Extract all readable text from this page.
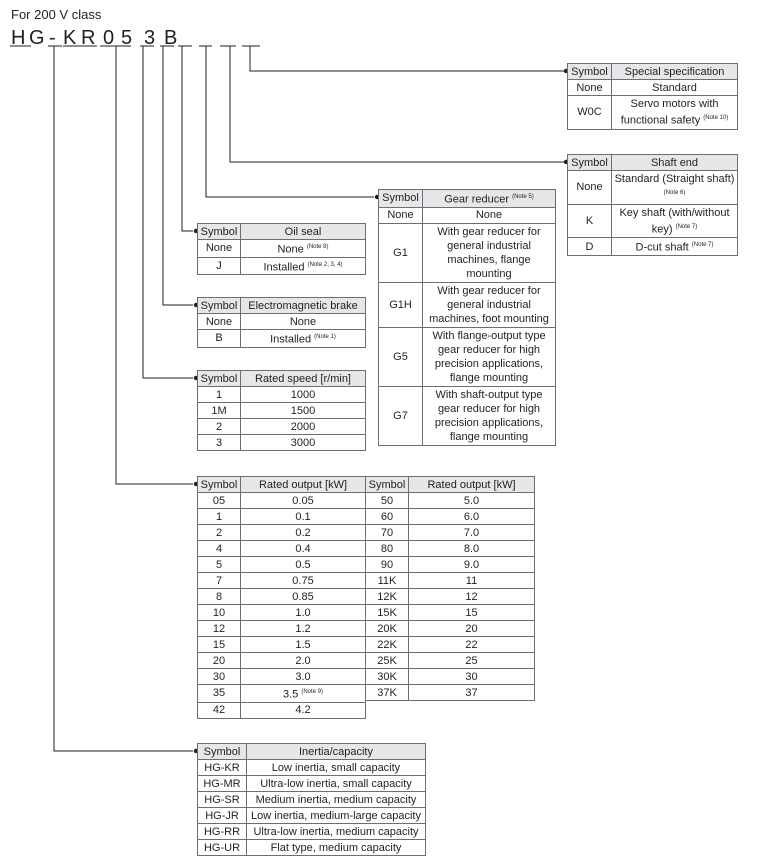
For 200 V class
H G - K R 0 5 3 B
Symbol	Special specification
None	Standard
W0C	Servo motors with functional safety $^{(Note 10)}$
Symbol	Shaft end
None	Standard (Straight shaft) $^{(Note 6)}$
K	Key shaft (with/without key) $^{(Note 7)}$
D	D-cut shaft $^{(Note 7)}$
Symbol	Gear reducer $^{(Note 5)}$
None	None
G1	With gear reducer for general industrial machines, flange mounting
G1H	With gear reducer for general industrial machines, foot mounting
G5	With flange-output type gear reducer for high precision applications, flange mounting
G7	With shaft-output type gear reducer for high precision applications, flange mounting
Symbol	Oil seal
None	None $^{(Note 8)}$
J	Installed $^{(Note 2, 3, 4)}$
Symbol	Electromagnetic brake
None	None
B	Installed $^{(Note 1)}$
Symbol	Rated speed [r/min]
1	1000
1M	1500
2	2000
3	3000
Symbol	Rated output [kW]
05	0.05
1	0.1
2	0.2
4	0.4
5	0.5
7	0.75
8	0.85
10	1.0
12	1.2
15	1.5
20	2.0
30	3.0
35	3.5 $^{(Note 9)}$
42	4.2
Symbol	Rated output [kW]
50	5.0
60	6.0
70	7.0
80	8.0
90	9.0
11K	11
12K	12
15K	15
20K	20
22K	22
25K	25
30K	30
37K	37
Symbol	Inertia/capacity
HG-KR	Low inertia, small capacity
HG-MR	Ultra-low inertia, small capacity
HG-SR	Medium inertia, medium capacity
HG-JR	Low inertia, medium-large capacity
HG-RR	Ultra-low inertia, medium capacity
HG-UR	Flat type, medium capacity
